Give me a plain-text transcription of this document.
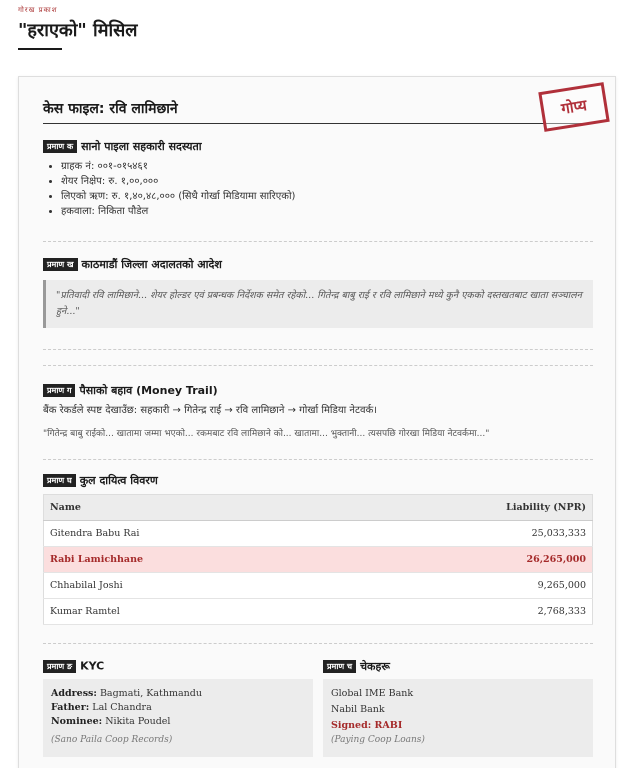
गोरख प्रकाश
"हराएको" मिसिल
केस फाइल: रवि लामिछाने	गोप्य
प्रमाण क सानो पाइला सहकारी सदस्यता
• ग्राहक नं: ००१-०१५४६१
• शेयर निक्षेप: रु. १,००,०००
• लिएको ऋण: रु. १,४०,४८,००० (सिधै गोर्खा मिडियामा सारिएको)
• हकवाला: निकिता पौडेल
प्रमाण ख काठमाडौं जिल्ला अदालतको आदेश
"प्रतिवादी रवि लामिछाने... शेयर होल्डर एवं प्रबन्धक निर्देशक समेत रहेको... गितेन्द्र बाबु राई र रवि लामिछाने मध्ये कुनै एकको दस्तखतबाट खाता सञ्चालन हुने..."
प्रमाण ग पैसाको बहाव (Money Trail)
बैंक रेकर्डले स्पष्ट देखाउँछ: सहकारी → गितेन्द्र राई → रवि लामिछाने → गोर्खा मिडिया नेटवर्क।
"गितेन्द्र बाबु राईको... खातामा जम्मा भएको... रकमबाट रवि लामिछाने को... खातामा... भुक्तानी... त्यसपछि गोरखा मिडिया नेटवर्कमा..."
प्रमाण घ कुल दायित्व विवरण
Name	Liability (NPR)
Gitendra Babu Rai	25,033,333
Rabi Lamichhane	26,265,000
Chhabilal Joshi	9,265,000
Kumar Ramtel	2,768,333
प्रमाण ङ KYC
Address: Bagmati, Kathmandu
Father: Lal Chandra
Nominee: Nikita Poudel
(Sano Paila Coop Records)
प्रमाण च चेकहरू
Global IME Bank
Nabil Bank
Signed: RABI
(Paying Coop Loans)
